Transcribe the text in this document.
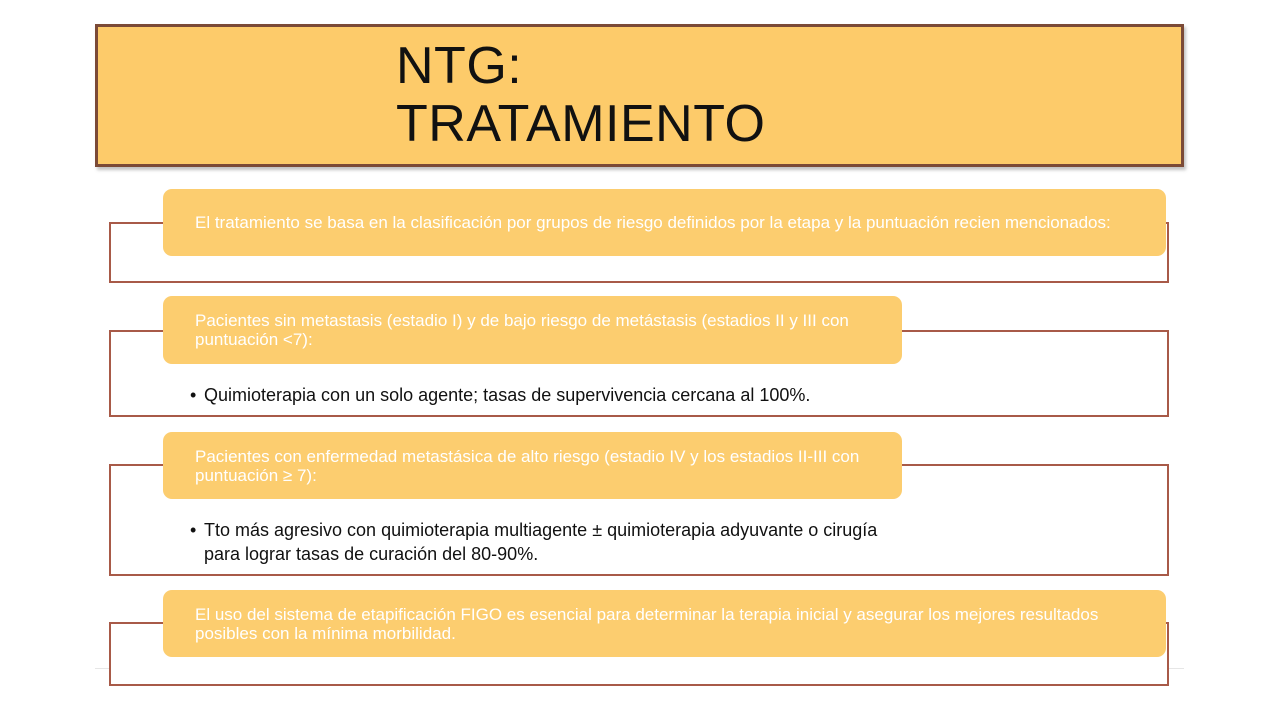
NTG:
TRATAMIENTO
El tratamiento se basa en la clasificación por grupos de riesgo definidos por la etapa y la puntuación recien mencionados:
Pacientes sin metastasis (estadio I) y de bajo riesgo de metástasis (estadios II y III con puntuación <7):
• Quimioterapia con un solo agente; tasas de supervivencia cercana al 100%.
Pacientes con enfermedad metastásica de alto riesgo (estadio IV y los estadios II-III con puntuación ≥ 7):
• Tto más agresivo con quimioterapia multiagente ± quimioterapia adyuvante o cirugía
para lograr tasas de curación del 80-90%.
El uso del sistema de etapificación FIGO es esencial para determinar la terapia inicial y asegurar los mejores resultados posibles con la mínima morbilidad.
